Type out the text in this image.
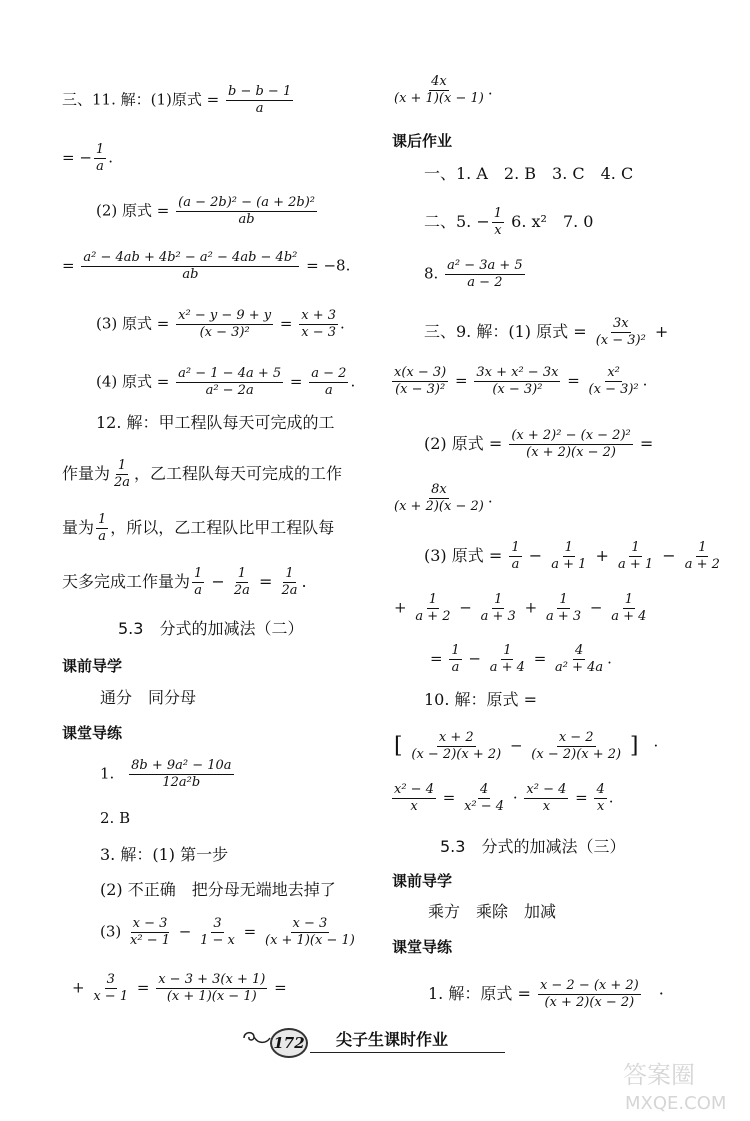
三、11. 解：(1)原式 = $\frac{b - b - 1}{a}$
= − $\frac{1}{a}$ .
(2) 原式 = $\frac{\text{(a − 2b)² − (a + 2b)²}}{ab}$
= $\frac{\text{a² − 4ab + 4b² − a² − 4ab − 4b²}}{ab} = -8$.
(3) 原式 = $\frac{\text{x² − y − 9 + y}}{\text{(x − 3)²}} = \frac{x + 3}{x - 3}$ .
(4) 原式 = $\frac{\text{a² − 1 − 4a + 5}}{\text{a² − 2a}} = \frac{a - 2}{a}$ .
12. 解：甲工程队每天可完成的工
作量为 $\frac{1}{2a}$ ，乙工程队每天可完成的工作
量为 $\frac{1}{a}$ ，所以，乙工程队比甲工程队每
天多完成工作量为 $\frac{1}{a} - \frac{1}{2a} = \frac{1}{2a}$ .
5.3　分式的加减法（二）
课前导学
通分　同分母
课堂导练
1. $\frac{\text{8b + 9a² − 10a}}{\text{12a²b}}$
2. B
3. 解：(1) 第一步
(2) 不正确　把分母无端地去掉了
$(3) \frac{x - 3}{\text{x² − 1}} - \frac{3}{1 - x} = \frac{x - 3}{(x + 1)(x - 1)}$
+ $\frac{3}{x - 1} = \frac{x - 3 + 3(x + 1)}{(x + 1)(x - 1)}$ =
$\frac{4x}{(x + 1)(x - 1)}$ .
课后作业
一、1. A　2. B　3. C　4. C
二、5. − $\frac{1}{x} 6$. x²　7. 0
8. $\frac{\text{a² − 3a + 5}}{a - 2}$
三、9. 解：(1) 原式 = $\frac{3x}{\text{(x − 3)²}}$ +
$\frac{x(x - 3)}{\text{(x − 3)²}} = \frac{\text{3x + x² − 3x}}{\text{(x − 3)²}} = \frac{\text{x²}}{\text{(x − 3)²}}$ .
(2) 原式 = $\frac{\text{(x + 2)² − (x − 2)²}}{(x + 2)(x - 2)}$ =
$\frac{8x}{(x + 2)(x - 2)}$ .
(3) 原式 = $\frac{1}{a} - \frac{1}{a + 1} + \frac{1}{a + 1} - \frac{1}{a + 2}$
+ $\frac{1}{a + 2} - \frac{1}{a + 3} + \frac{1}{a + 3} - \frac{1}{a + 4}$
= $\frac{1}{a} - \frac{1}{a + 4} = \frac{4}{\text{a² + 4a}}$ .
10. 解：原式 =
[ $\frac{x + 2}{(x - 2)(x + 2)} - \frac{x - 2}{(x - 2)(x + 2)}$ ]　·
$\frac{\text{x² − 4}}{x} = \frac{4}{\text{x² − 4}} \cdot \frac{\text{x² − 4}}{x} = \frac{4}{x}$ .
5.3　分式的加减法（三）
课前导学
乘方　乘除　加减
课堂导练
1. 解：原式 = $\frac{x - 2 - (x + 2)}{(x + 2)(x - 2)}$ 　·
172 尖子生课时作业
答案圈
MXQE.COM
